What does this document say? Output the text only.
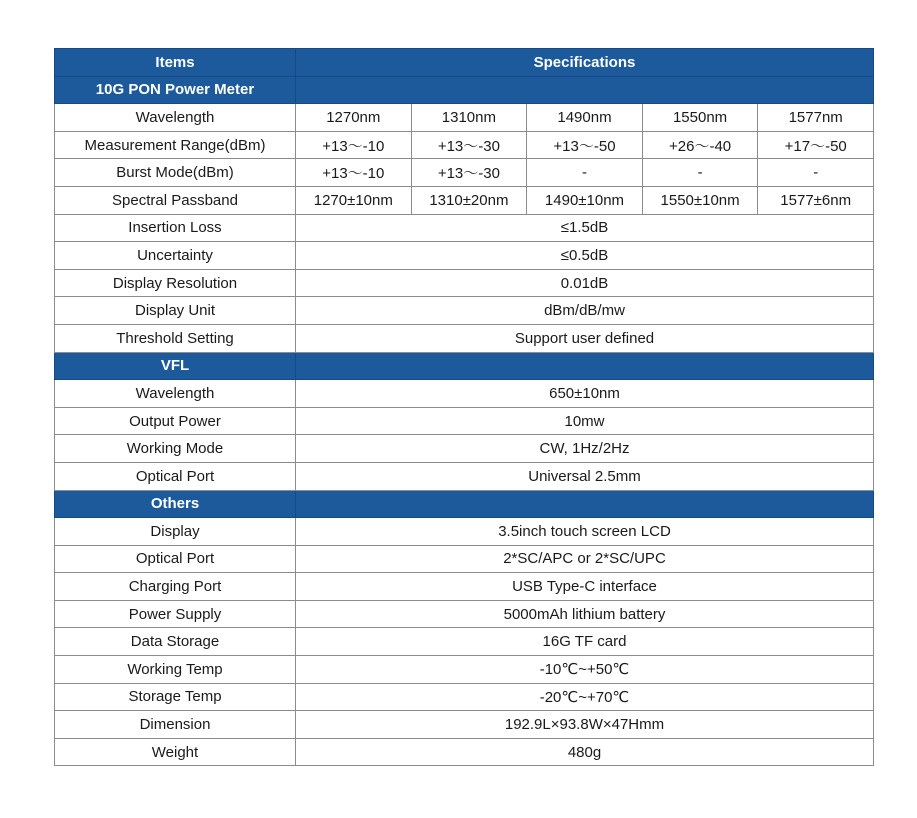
Items	Specifications				
10G PON Power Meter					
Wavelength	1270nm	1310nm	1490nm	1550nm	1577nm
Measurement Range(dBm)	+13～-10	+13～-30	+13～-50	+26～-40	+17～-50
Burst Mode(dBm)	+13～-10	+13～-30	-	-	-
Spectral Passband	1270±10nm	1310±20nm	1490±10nm	1550±10nm	1577±6nm
Insertion Loss	≤1.5dB				
Uncertainty	≤0.5dB				
Display Resolution	0.01dB				
Display Unit	dBm/dB/mw				
Threshold Setting	Support user defined				
VFL					
Wavelength	650±10nm				
Output Power	10mw				
Working Mode	CW, 1Hz/2Hz				
Optical Port	Universal 2.5mm				
Others					
Display	3.5inch touch screen LCD				
Optical Port	2*SC/APC or 2*SC/UPC				
Charging Port	USB Type-C interface				
Power Supply	5000mAh lithium battery				
Data Storage	16G TF card				
Working Temp	-10℃~+50℃				
Storage Temp	-20℃~+70℃				
Dimension	192.9L×93.8W×47Hmm				
Weight	480g				
